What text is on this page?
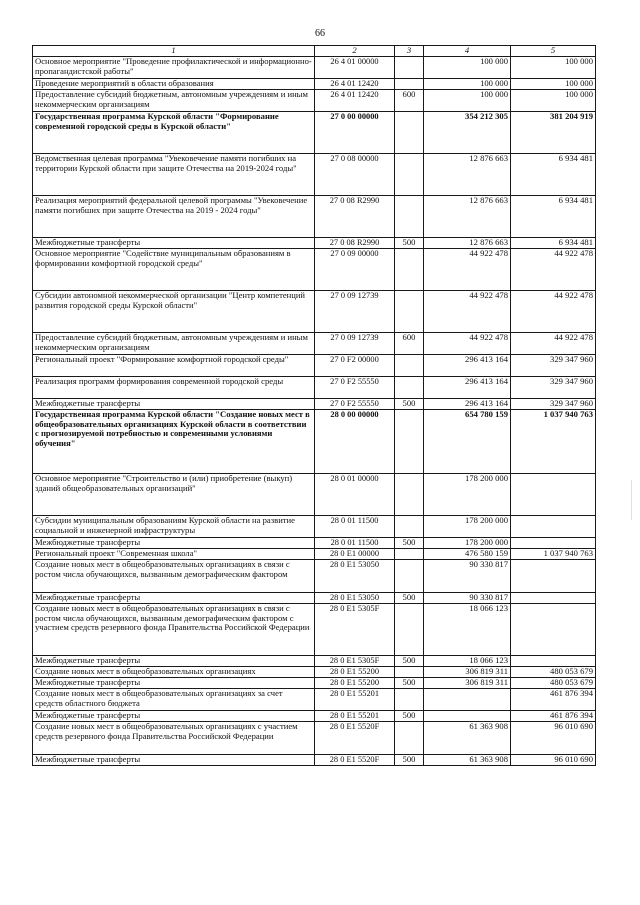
66
1	2	3	4	5
Основное мероприятие "Проведение профилактической и информационно-пропагандистской работы"	26 4 01 00000		100 000	100 000
Проведение мероприятий в области образования	26 4 01 12420		100 000	100 000
Предоставление субсидий бюджетным, автономным учреждениям и иным некоммерческим организациям	26 4 01 12420	600	100 000	100 000
Государственная программа Курской области "Формирование современной городской среды в Курской области"	27 0 00 00000		354 212 305	381 204 919
Ведомственная целевая программа "Увековечение памяти погибших на территории Курской области при защите Отечества на 2019-2024 годы"	27 0 08 00000		12 876 663	6 934 481
Реализация мероприятий федеральной целевой программы "Увековечение памяти погибших при защите Отечества на 2019 - 2024 годы"	27 0 08 R2990		12 876 663	6 934 481
Межбюджетные трансферты	27 0 08 R2990	500	12 876 663	6 934 481
Основное мероприятие "Содействие муниципальным образованиям в формировании комфортной городской среды"	27 0 09 00000		44 922 478	44 922 478
Субсидии автономной некоммерческой организации "Центр компетенций развития городской среды Курской области"	27 0 09 12739		44 922 478	44 922 478
Предоставление субсидий бюджетным, автономным учреждениям и иным некоммерческим организациям	27 0 09 12739	600	44 922 478	44 922 478
Региональный проект "Формирование комфортной городской среды"	27 0 F2 00000		296 413 164	329 347 960
Реализация программ формирования современной городской среды	27 0 F2 55550		296 413 164	329 347 960
Межбюджетные трансферты	27 0 F2 55550	500	296 413 164	329 347 960
Государственная программа Курской области "Создание новых мест в общеобразовательных организациях Курской области в соответствии с прогнозируемой потребностью и современными условиями обучения"	28 0 00 00000		654 780 159	1 037 940 763
Основное мероприятие "Строительство и (или) приобретение (выкуп) зданий общеобразовательных организаций"	28 0 01 00000		178 200 000	
Субсидии муниципальным образованиям Курской области на развитие социальной и инженерной инфраструктуры	28 0 01 11500		178 200 000	
Межбюджетные трансферты	28 0 01 11500	500	178 200 000	
Региональный проект "Современная школа"	28 0 E1 00000		476 580 159	1 037 940 763
Создание новых мест в общеобразовательных организациях в связи с ростом числа обучающихся, вызванным демографическим фактором	28 0 E1 53050		90 330 817	
Межбюджетные трансферты	28 0 E1 53050	500	90 330 817	
Создание новых мест в общеобразовательных организациях в связи с ростом числа обучающихся, вызванным демографическим фактором с участием средств резервного фонда Правительства Российской Федерации	28 0 E1 5305F		18 066 123	
Межбюджетные трансферты	28 0 E1 5305F	500	18 066 123	
Создание новых мест в общеобразовательных организациях	28 0 E1 55200		306 819 311	480 053 679
Межбюджетные трансферты	28 0 E1 55200	500	306 819 311	480 053 679
Создание новых мест в общеобразовательных организациях за счет средств областного бюджета	28 0 E1 55201			461 876 394
Межбюджетные трансферты	28 0 E1 55201	500		461 876 394
Создание новых мест в общеобразовательных организациях с участием средств резервного фонда Правительства Российской Федерации	28 0 E1 5520F		61 363 908	96 010 690
Межбюджетные трансферты	28 0 E1 5520F	500	61 363 908	96 010 690
